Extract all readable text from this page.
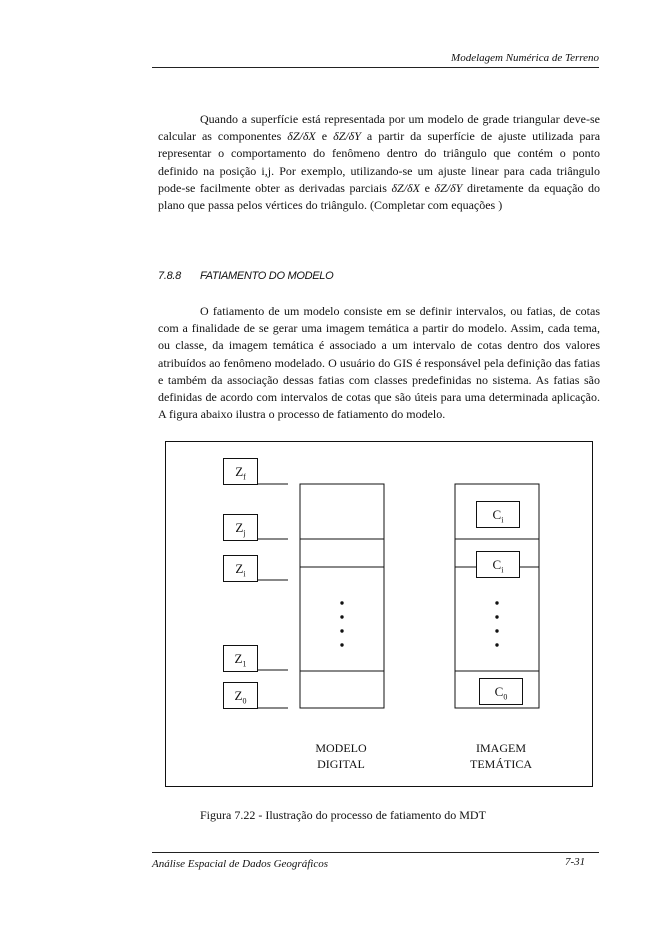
Modelagem Numérica de Terreno

Quando a superfície está representada por um modelo de grade triangular deve-se calcular as componentes δZ/δX e δZ/δY a partir da superfície de ajuste utilizada para representar o comportamento do fenômeno dentro do triângulo que contém o ponto definido na posição i,j. Por exemplo, utilizando-se um ajuste linear para cada triângulo pode-se facilmente obter as derivadas parciais δZ/δX e δZ/δY diretamente da equação do plano que passa pelos vértices do triângulo. (Completar com equações )

7.8.8 FATIAMENTO DO MODELO

O fatiamento de um modelo consiste em se definir intervalos, ou fatias, de cotas com a finalidade de se gerar uma imagem temática a partir do modelo. Assim, cada tema, ou classe, da imagem temática é associado a um intervalo de cotas dentro dos valores atribuídos ao fenômeno modelado. O usuário do GIS é responsável pela definição das fatias e também da associação dessas fatias com classes predefinidas no sistema. As fatias são definidas de acordo com intervalos de cotas que são úteis para uma determinada aplicação. A figura abaixo ilustra o processo de fatiamento do modelo.

$Z_f$
$Z_j$
$Z_i$
$Z_1$
$Z_0$
$C_i$
$C_i$
$C_0$
MODELO
DIGITAL
IMAGEM
TEMÁTICA
Figura 7.22 - Ilustração do processo de fatiamento do MDT
Análise Espacial de Dados Geográficos	7-31
